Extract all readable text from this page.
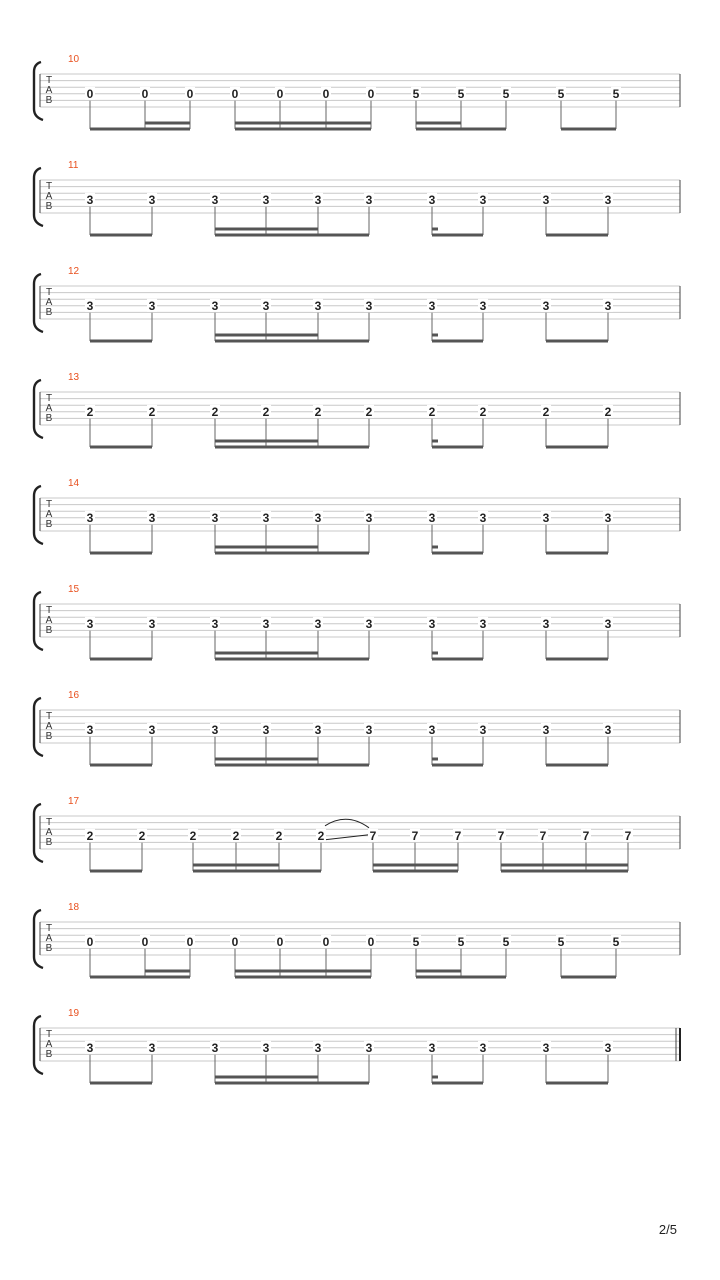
10
T
A
B	0	0	0	0	0	0	0	5	5	5	5	5
11
T
A
B	3	3	3	3	3	3	3	3	3	3
12
T
A
B	3	3	3	3	3	3	3	3	3	3
13
T
A
B	2	2	2	2	2	2	2	2	2	2
14
T
A
B	3	3	3	3	3	3	3	3	3	3
15
T
A
B	3	3	3	3	3	3	3	3	3	3
16
T
A
B	3	3	3	3	3	3	3	3	3	3
17
T
A
B	2	2	2	2	2	2	7	7	7	7	7	7	7
18
T
A
B	0	0	0	0	0	0	0	5	5	5	5	5
19
T
A
B	3	3	3	3	3	3	3	3	3	3
2/5
